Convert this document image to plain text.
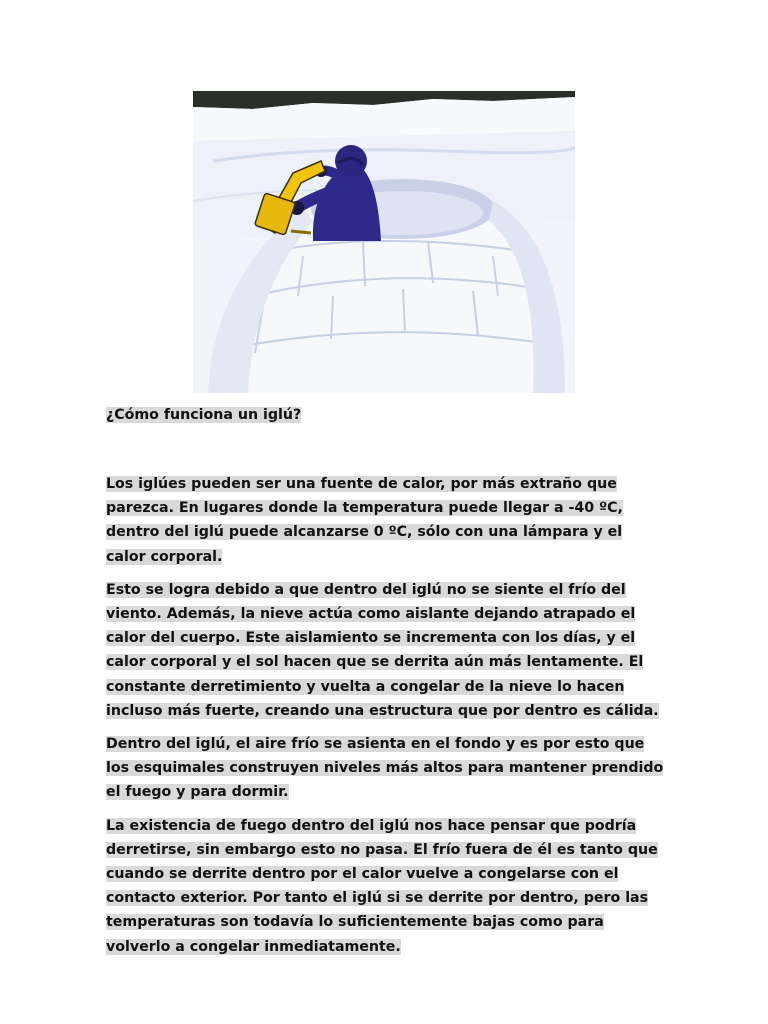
¿Cómo funciona un iglú?

Los iglúes pueden ser una fuente de calor, por más extraño que parezca. En lugares donde la temperatura puede llegar a -40 ºC, dentro del iglú puede alcanzarse 0 ºC, sólo con una lámpara y el calor corporal.

Esto se logra debido a que dentro del iglú no se siente el frío del viento. Además, la nieve actúa como aislante dejando atrapado el calor del cuerpo. Este aislamiento se incrementa con los días, y el calor corporal y el sol hacen que se derrita aún más lentamente. El constante derretimiento y vuelta a congelar de la nieve lo hacen incluso más fuerte, creando una estructura que por dentro es cálida.

Dentro del iglú, el aire frío se asienta en el fondo y es por esto que los esquimales construyen niveles más altos para mantener prendido el fuego y para dormir.

La existencia de fuego dentro del iglú nos hace pensar que podría derretirse, sin embargo esto no pasa. El frío fuera de él es tanto que cuando se derrite dentro por el calor vuelve a congelarse con el contacto exterior. Por tanto el iglú si se derrite por dentro, pero las temperaturas son todavía lo suficientemente bajas como para volverlo a congelar inmediatamente.
